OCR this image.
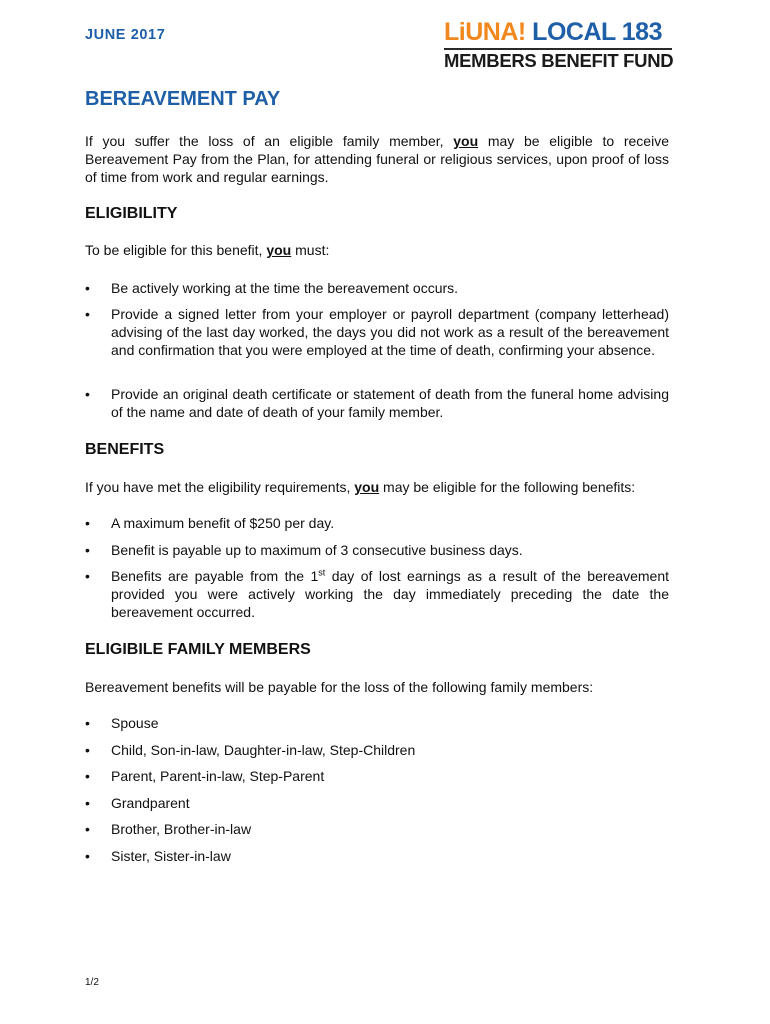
JUNE 2017	LiUNA! LOCAL 183
MEMBERS BENEFIT FUND
BEREAVEMENT PAY
If you suffer the loss of an eligible family member, you may be eligible to receive Bereavement Pay from the Plan, for attending funeral or religious services, upon proof of loss of time from work and regular earnings.
ELIGIBILITY
To be eligible for this benefit, you must:
•	Be actively working at the time the bereavement occurs.
•	Provide a signed letter from your employer or payroll department (company letterhead) advising of the last day worked, the days you did not work as a result of the bereavement and confirmation that you were employed at the time of death, confirming your absence.
•	Provide an original death certificate or statement of death from the funeral home advising of the name and date of death of your family member.
BENEFITS
If you have met the eligibility requirements, you may be eligible for the following benefits:
•	A maximum benefit of $250 per day.
•	Benefit is payable up to maximum of 3 consecutive business days.
•	Benefits are payable from the 1st day of lost earnings as a result of the bereavement provided you were actively working the day immediately preceding the date the bereavement occurred.
ELIGIBILE FAMILY MEMBERS
Bereavement benefits will be payable for the loss of the following family members:
•	Spouse
•	Child, Son-in-law, Daughter-in-law, Step-Children
•	Parent, Parent-in-law, Step-Parent
•	Grandparent
•	Brother, Brother-in-law
•	Sister, Sister-in-law
1/2
